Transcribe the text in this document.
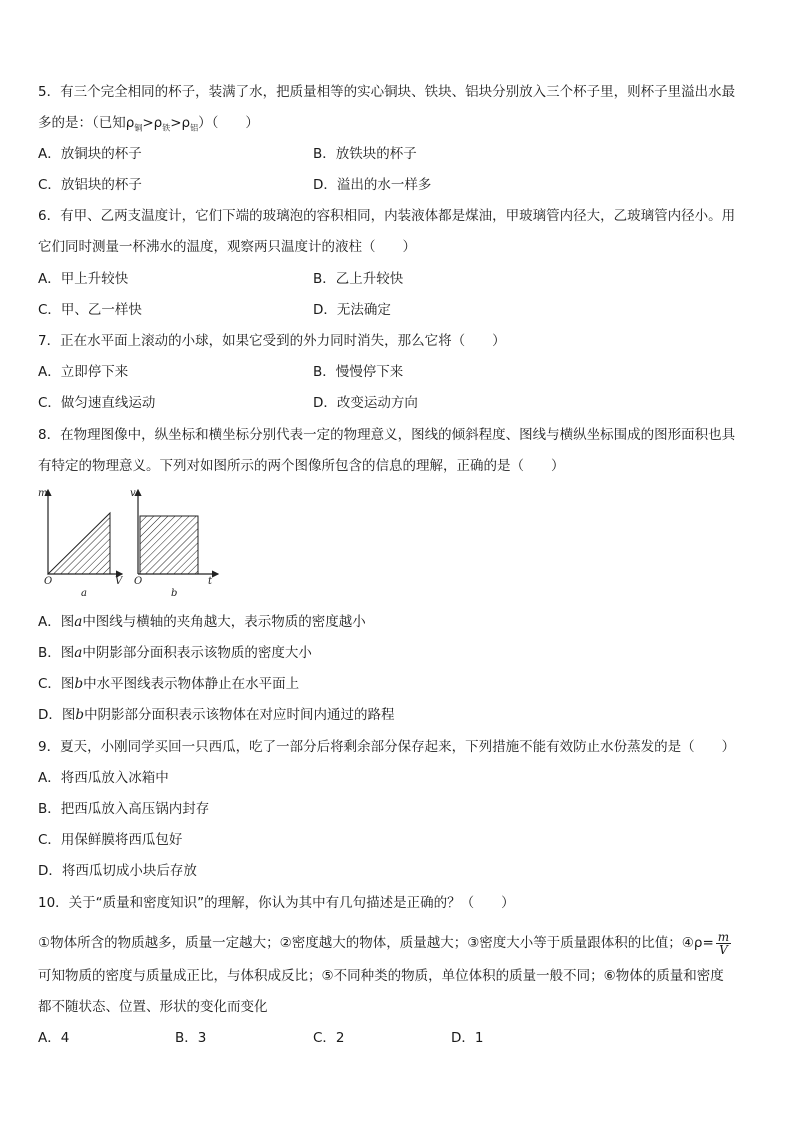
5．有三个完全相同的杯子，装满了水，把质量相等的实心铜块、铁块、铝块分别放入三个杯子里，则杯子里溢出水最
多的是：（已知$\rho_铜>\rho_铁>\rho_铝$）（　　）
A．放铜块的杯子	B．放铁块的杯子
C．放铝块的杯子	D．溢出的水一样多
6．有甲、乙两支温度计，它们下端的玻璃泡的容积相同，内装液体都是煤油，甲玻璃管内径大，乙玻璃管内径小。用
它们同时测量一杯沸水的温度，观察两只温度计的液柱（　　）
A．甲上升较快	B．乙上升较快
C．甲、乙一样快	D．无法确定
7．正在水平面上滚动的小球，如果它受到的外力同时消失，那么它将（　　）
A．立即停下来	B．慢慢停下来
C．做匀速直线运动	D．改变运动方向
8．在物理图像中，纵坐标和横坐标分别代表一定的物理意义，图线的倾斜程度、图线与横纵坐标围成的图形面积也具
有特定的物理意义。下列对如图所示的两个图像所包含的信息的理解，正确的是（　　）
m
V
O
a
v
t
O
b
A．图a中图线与横轴的夹角越大，表示物质的密度越小
B．图a中阴影部分面积表示该物质的密度大小
C．图b中水平图线表示物体静止在水平面上
D．图b中阴影部分面积表示该物体在对应时间内通过的路程
9．夏天，小刚同学买回一只西瓜，吃了一部分后将剩余部分保存起来，下列措施不能有效防止水份蒸发的是（　　）
A．将西瓜放入冰箱中
B．把西瓜放入高压锅内封存
C．用保鲜膜将西瓜包好
D．将西瓜切成小块后存放
10．关于“质量和密度知识”的理解，你认为其中有几句描述是正确的？（　　）
①物体所含的物质越多，质量一定越大；②密度越大的物体，质量越大；③密度大小等于质量跟体积的比值；④ρ= $\frac{m}{V}$
可知物质的密度与质量成正比，与体积成反比；⑤不同种类的物质，单位体积的质量一般不同；⑥物体的质量和密度
都不随状态、位置、形状的变化而变化
A．4	B．3	C．2	D．1
